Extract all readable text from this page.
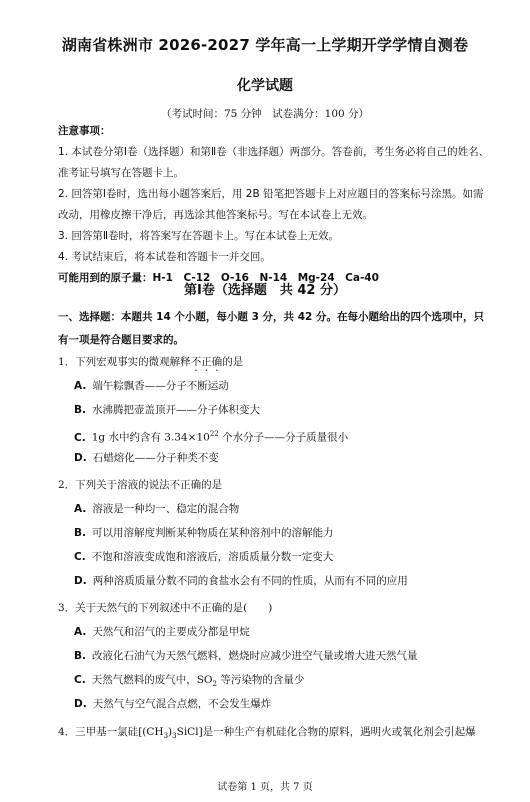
湖南省株洲市 2026-2027 学年高一上学期开学学情自测卷
化学试题
（考试时间：75 分钟　试卷满分：100 分）

注意事项：

1. 本试卷分第Ⅰ卷（选择题）和第Ⅱ卷（非选择题）两部分。答卷前，考生务必将自己的姓名、准考证号填写在答题卡上。

2. 回答第Ⅰ卷时，选出每小题答案后，用 2B 铅笔把答题卡上对应题目的答案标号涂黑。如需改动，用橡皮擦干净后，再选涂其他答案标号。写在本试卷上无效。

3. 回答第Ⅱ卷时，将答案写在答题卡上。写在本试卷上无效。

4. 考试结束后，将本试卷和答题卡一并交回。

可能用到的原子量：H-1　C-12　O-16　N-14　Mg-24　Ca-40

第Ⅰ卷（选择题　共 42 分）
一、选择题：本题共 14 个小题，每小题 3 分，共 42 分。在每小题给出的四个选项中，只有一项是符合题目要求的。

1．下列宏观事实的微观解释不正确的是

A. 端午粽飘香——分子不断运动

B. 水沸腾把壶盖顶开——分子体积变大

C. 1g 水中约含有 $3.34\times 10^{22}$ 个水分子——分子质量很小

D. 石蜡熔化——分子种类不变

2．下列关于溶液的说法不正确的是

A. 溶液是一种均一、稳定的混合物

B. 可以用溶解度判断某种物质在某种溶剂中的溶解能力

C. 不饱和溶液变成饱和溶液后，溶质质量分数一定变大

D. 两种溶质质量分数不同的食盐水会有不同的性质，从而有不同的应用

3．关于天然气的下列叙述中不正确的是(　　)

A. 天然气和沼气的主要成分都是甲烷

B. 改液化石油气为天然气燃料，燃烧时应减少进空气量或增大进天然气量

C. 天然气燃料的废气中，$SO_2$ 等污染物的含量少

D. 天然气与空气混合点燃，不会发生爆炸

4．三甲基一氯硅$[(CH_3)_3SiCl]$是一种生产有机硅化合物的原料，遇明火或氧化剂会引起爆

试卷第 1 页，共 7 页
